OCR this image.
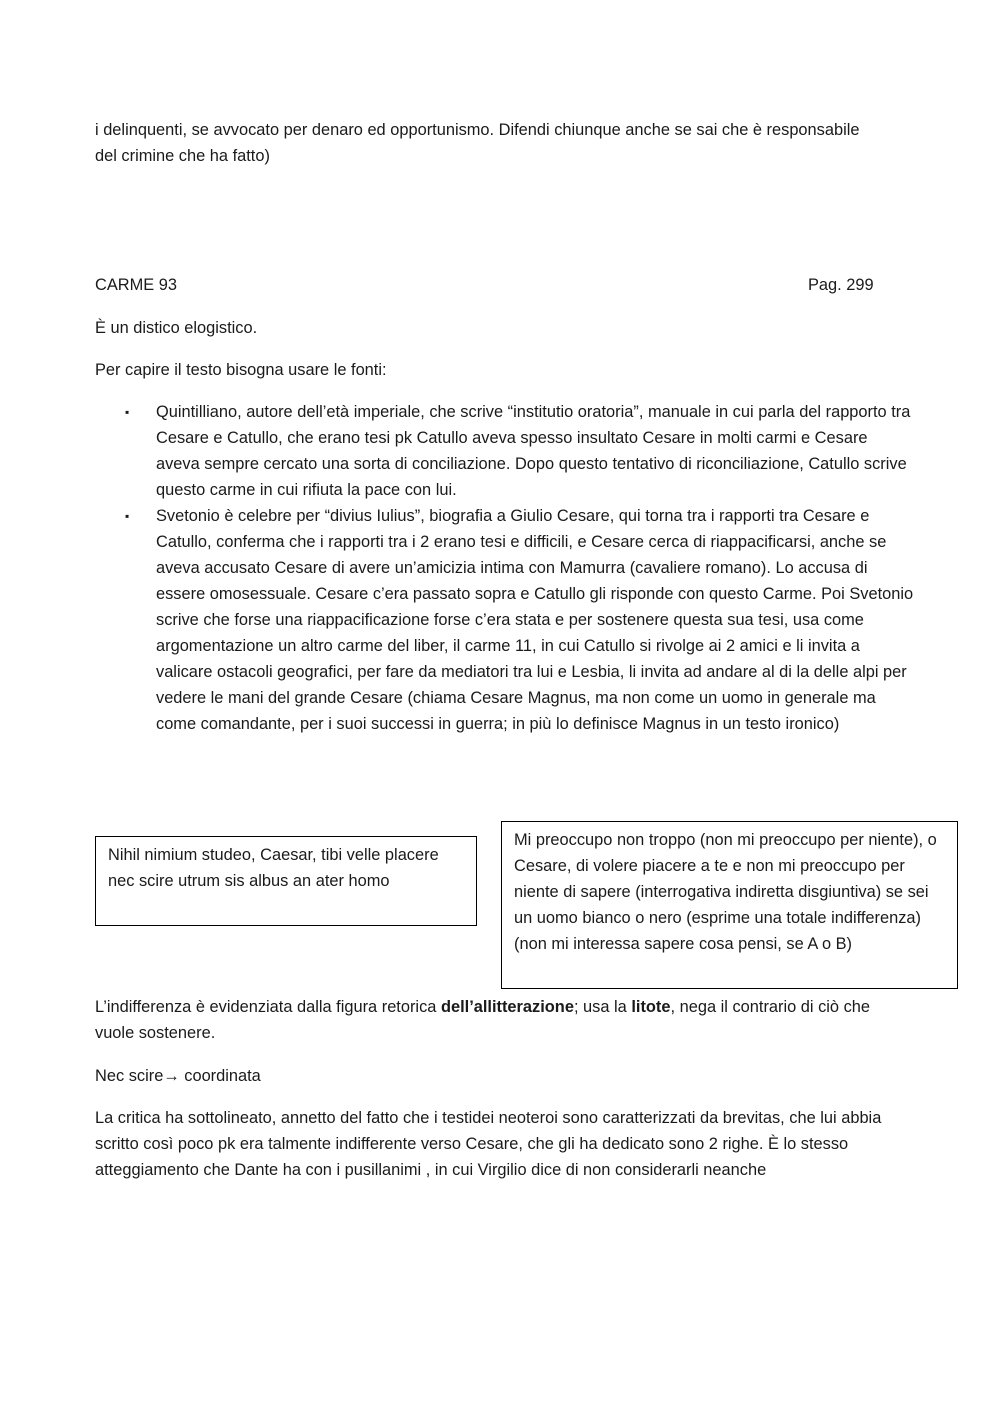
i delinquenti, se avvocato per denaro ed opportunismo. Difendi chiunque anche se sai che è responsabile
del crimine che ha fatto)

CARME 93	Pag. 299

È un distico elogistico.

Per capire il testo bisogna usare le fonti:

▪ Quintilliano, autore dell’età imperiale, che scrive “institutio oratoria”, manuale in cui parla del rapporto tra Cesare e Catullo, che erano tesi pk Catullo aveva spesso insultato Cesare in molti carmi e Cesare aveva sempre cercato una sorta di conciliazione. Dopo questo tentativo di riconciliazione, Catullo scrive questo carme in cui rifiuta la pace con lui.
▪ Svetonio è celebre per “divius Iulius”, biografia a Giulio Cesare, qui torna tra i rapporti tra Cesare e Catullo, conferma che i rapporti tra i 2 erano tesi e difficili, e Cesare cerca di riappacificarsi, anche se aveva accusato Cesare di avere un’amicizia intima con Mamurra (cavaliere romano). Lo accusa di essere omosessuale. Cesare c’era passato sopra e Catullo gli risponde con questo Carme. Poi Svetonio scrive che forse una riappacificazione forse c’era stata e per sostenere questa sua tesi, usa come argomentazione un altro carme del liber, il carme 11, in cui Catullo si rivolge ai 2 amici e li invita a valicare ostacoli geografici, per fare da mediatori tra lui e Lesbia, li invita ad andare al di la delle alpi per vedere le mani del grande Cesare (chiama Cesare Magnus, ma non come un uomo in generale ma come comandante, per i suoi successi in guerra; in più lo definisce Magnus in un testo ironico)
Nihil nimium studeo, Caesar, tibi velle placere
nec scire utrum sis albus an ater homo
Mi preoccupo non troppo (non mi preoccupo per niente), o Cesare, di volere piacere a te e non mi preoccupo per niente di sapere (interrogativa indiretta disgiuntiva) se sei un uomo bianco o nero (esprime una totale indifferenza) (non mi interessa sapere cosa pensi, se A o B)

L’indifferenza è evidenziata dalla figura retorica dell’allitterazione; usa la litote, nega il contrario di ciò che vuole sostenere.

Nec scire→ coordinata

La critica ha sottolineato, annetto del fatto che i testidei neoteroi sono caratterizzati da brevitas, che lui abbia scritto così poco pk era talmente indifferente verso Cesare, che gli ha dedicato sono 2 righe. È lo stesso atteggiamento che Dante ha con i pusillanimi , in cui Virgilio dice di non considerarli neanche
